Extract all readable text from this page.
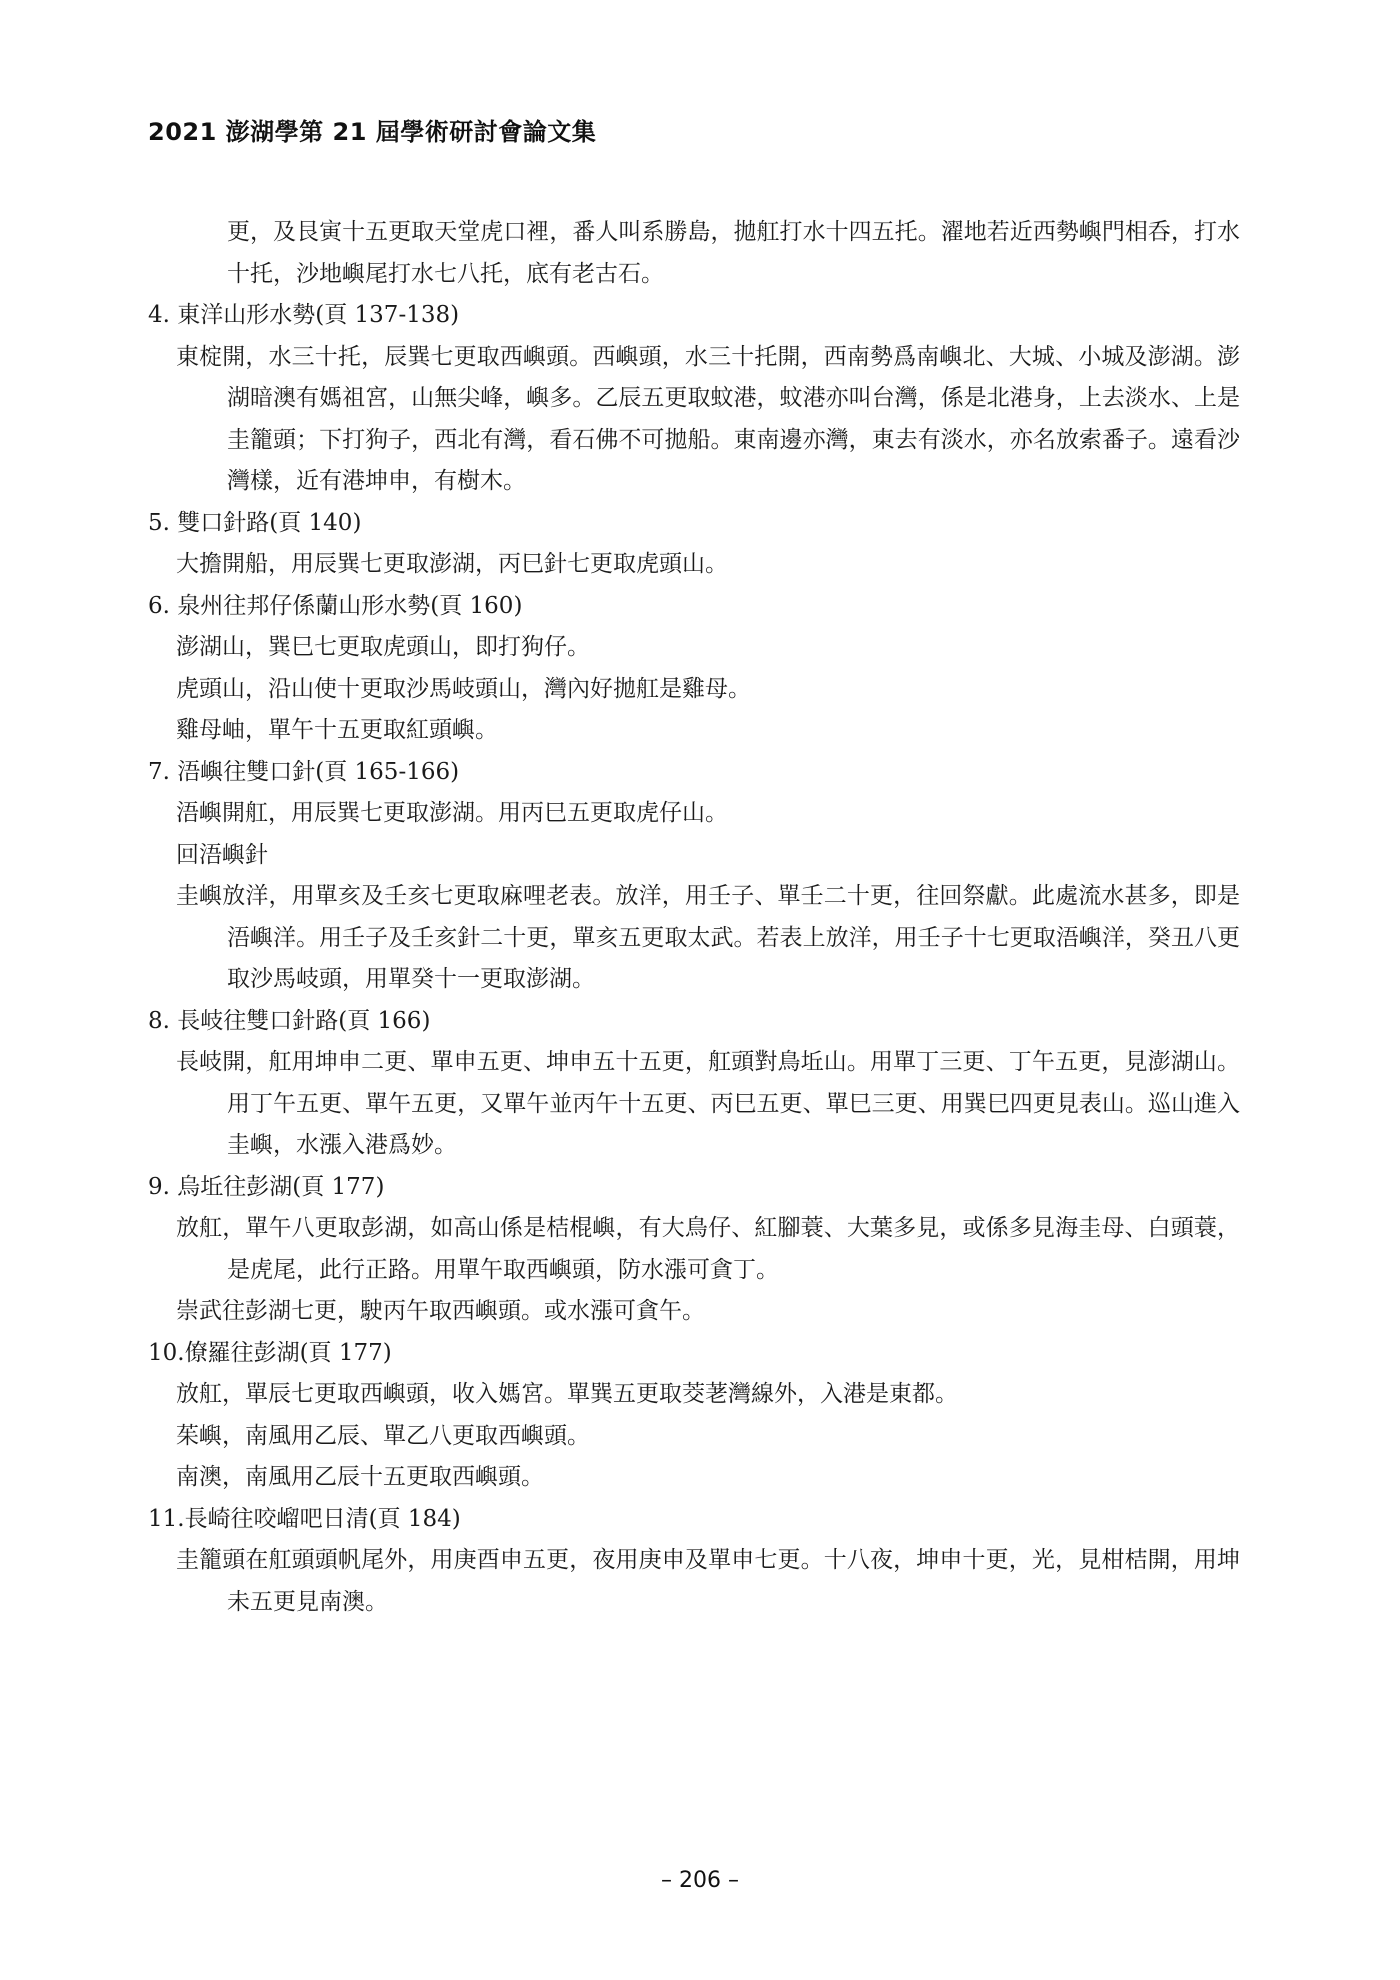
2021 澎湖學第 21 屆學術研討會論文集

更，及艮寅十五更取天堂虎口裡，番人叫系勝島，拋舡打水十四五托。濯地若近西勢嶼門相呑，打水十托，沙地嶼尾打水七八托，底有老古石。

4. 東洋山形水勢(頁 137-138)

東椗開，水三十托，辰巽七更取西嶼頭。西嶼頭，水三十托開，西南勢爲南嶼北、大城、小城及澎湖。澎湖暗澳有媽祖宮，山無尖峰，嶼多。乙辰五更取蚊港，蚊港亦叫台灣，係是北港身，上去淡水、上是圭籠頭；下打狗子，西北有灣，看石佛不可拋船。東南邊亦灣，東去有淡水，亦名放索番子。遠看沙灣樣，近有港坤申，有樹木。

5. 雙口針路(頁 140)

大擔開船，用辰巽七更取澎湖，丙巳針七更取虎頭山。

6. 泉州往邦仔係蘭山形水勢(頁 160)

澎湖山，巽巳七更取虎頭山，即打狗仔。

虎頭山，沿山使十更取沙馬岐頭山，灣內好拋舡是雞母。

雞母岫，單午十五更取紅頭嶼。

7. 浯嶼往雙口針(頁 165-166)

浯嶼開舡，用辰巽七更取澎湖。用丙巳五更取虎仔山。

回浯嶼針

圭嶼放洋，用單亥及壬亥七更取麻哩老表。放洋，用壬子、單壬二十更，往回祭獻。此處流水甚多，即是浯嶼洋。用壬子及壬亥針二十更，單亥五更取太武。若表上放洋，用壬子十七更取浯嶼洋，癸丑八更取沙馬岐頭，用單癸十一更取澎湖。

8. 長岐往雙口針路(頁 166)

長岐開，舡用坤申二更、單申五更、坤申五十五更，舡頭對鳥坵山。用單丁三更、丁午五更，見澎湖山。用丁午五更、單午五更，又單午並丙午十五更、丙巳五更、單巳三更、用巽巳四更見表山。巡山進入圭嶼，水漲入港爲妙。

9. 烏坵往彭湖(頁 177)

放舡，單午八更取彭湖，如高山係是桔棍嶼，有大鳥仔、紅腳蓑、大葉多見，或係多見海圭母、白頭蓑，是虎尾，此行正路。用單午取西嶼頭，防水漲可貪丁。

崇武往彭湖七更，駛丙午取西嶼頭。或水漲可貪午。

10.僚羅往彭湖(頁 177)

放舡，單辰七更取西嶼頭，收入媽宮。單巽五更取茭荖灣線外，入港是東都。

茱嶼，南風用乙辰、單乙八更取西嶼頭。

南澳，南風用乙辰十五更取西嶼頭。

11.長崎往咬嵧吧日清(頁 184)

圭籠頭在舡頭頭帆尾外，用庚酉申五更，夜用庚申及單申七更。十八夜，坤申十更，光，見柑桔開，用坤未五更見南澳。

– 206 –
